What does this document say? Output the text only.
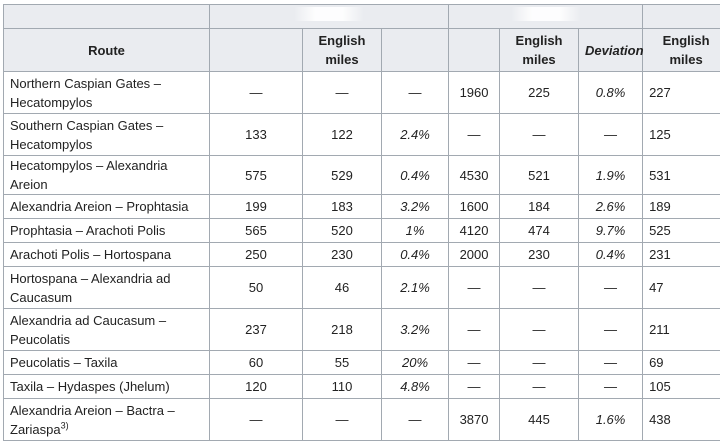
Route		English miles			English miles	Deviation	English miles
Northern Caspian Gates – Hecatompylos	—	—	—	1960	225	0.8%	227
Southern Caspian Gates – Hecatompylos	133	122	2.4%	—	—	—	125
Hecatompylos – Alexandria Areion	575	529	0.4%	4530	521	1.9%	531
Alexandria Areion – Prophtasia	199	183	3.2%	1600	184	2.6%	189
Prophtasia – Arachoti Polis	565	520	1%	4120	474	9.7%	525
Arachoti Polis – Hortospana	250	230	0.4%	2000	230	0.4%	231
Hortospana – Alexandria ad Caucasum	50	46	2.1%	—	—	—	47
Alexandria ad Caucasum – Peucolatis	237	218	3.2%	—	—	—	211
Peucolatis – Taxila	60	55	20%	—	—	—	69
Taxila – Hydaspes (Jhelum)	120	110	4.8%	—	—	—	105
Alexandria Areion – Bactra – Zariaspa$^{3)}$	—	—	—	3870	445	1.6%	438
